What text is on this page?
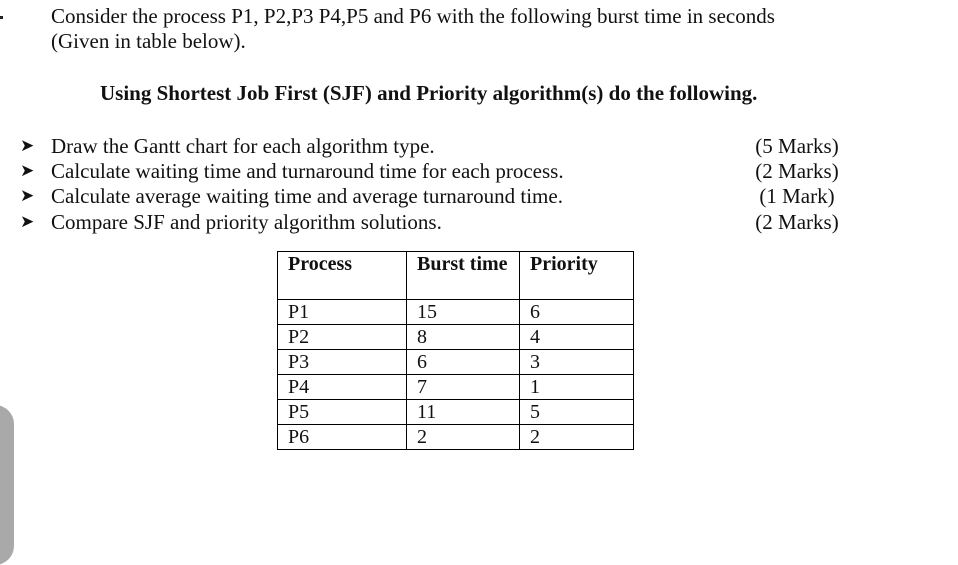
Consider the process P1, P2,P3 P4,P5 and P6 with the following burst time in seconds
(Given in table below).

Using Shortest Job First (SJF) and Priority algorithm(s) do the following.

➤ Draw the Gantt chart for each algorithm type.	(5 Marks)
➤ Calculate waiting time and turnaround time for each process.	(2 Marks)
➤ Calculate average waiting time and average turnaround time.	(1 Mark)
➤ Compare SJF and priority algorithm solutions.	(2 Marks)
Process	Burst time	Priority
P1	15	6
P2	8	4
P3	6	3
P4	7	1
P5	11	5
P6	2	2
